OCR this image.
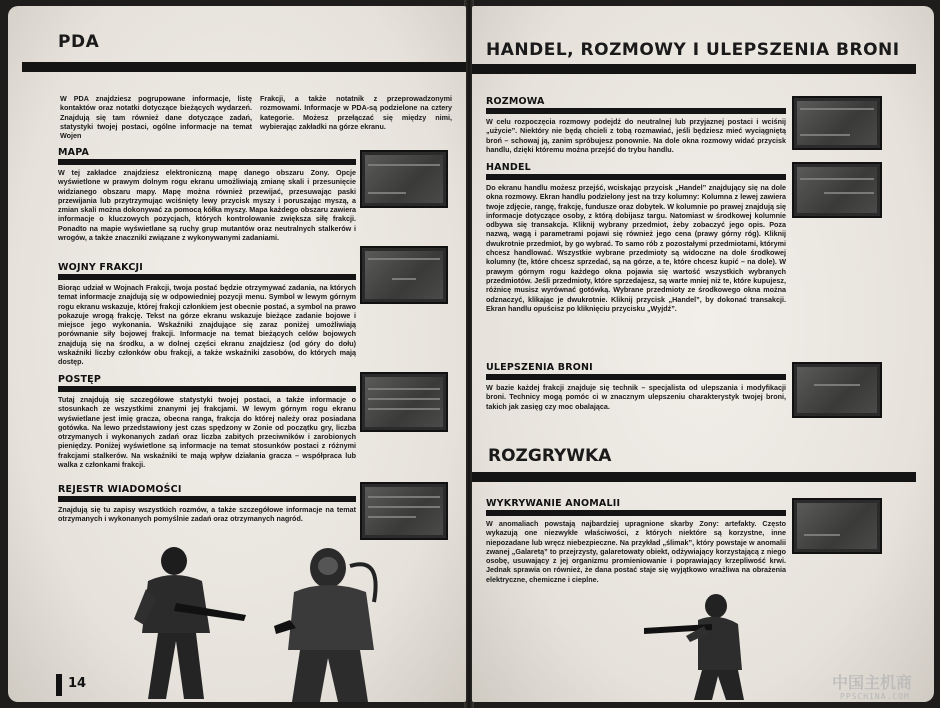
PDA
W PDA znajdziesz pogrupowane informacje, listę kontaktów oraz notatki dotyczące bieżących wydarzeń. Znajdują się tam również dane dotyczące zadań, statystyki twojej postaci, ogólne informacje na temat Wojen
Frakcji, a także notatnik z przeprowadzonymi rozmowami. Informacje w PDA-są podzielone na cztery kategorie. Możesz przełączać się między nimi, wybierając zakładki na górze ekranu.
MAPA
W tej zakładce znajdziesz elektroniczną mapę danego obszaru Zony. Opcje wyświetlone w prawym dolnym rogu ekranu umożliwiają zmianę skali i przesunięcie widzianego obszaru mapy. Mapę można również przewijać, przesuwając paski przewijania lub przytrzymując wciśnięty lewy przycisk myszy i poruszając myszą, a zmian skali można dokonywać za pomocą kółka myszy. Mapa każdego obszaru zawiera informacje o kluczowych pozycjach, których kontrolowanie zwiększa siłę frakcji. Ponadto na mapie wyświetlane są ruchy grup mutantów oraz neutralnych stalkerów i wrogów, a także znaczniki związane z wykonywanymi zadaniami.
WOJNY FRAKCJI
Biorąc udział w Wojnach Frakcji, twoja postać będzie otrzymywać zadania, na których temat informacje znajdują się w odpowiedniej pozycji menu. Symbol w lewym górnym rogu ekranu wskazuje, której frakcji członkiem jest obecnie postać, a symbol na prawo pokazuje wrogą frakcję. Tekst na górze ekranu wskazuje bieżące zadanie bojowe i miejsce jego wykonania. Wskaźniki znajdujące się zaraz poniżej umożliwiają porównanie siły bojowej frakcji. Informacje na temat bieżących celów bojowych znajdują się na środku, a w dolnej części ekranu znajdziesz (od góry do dołu) wskaźniki liczby członków obu frakcji, a także wskaźniki zasobów, do których mają dostęp.
POSTĘP
Tutaj znajdują się szczegółowe statystyki twojej postaci, a także informacje o stosunkach ze wszystkimi znanymi jej frakcjami. W lewym górnym rogu ekranu wyświetlane jest imię gracza, obecna ranga, frakcja do której należy oraz posiadana gotówka. Na lewo przedstawiony jest czas spędzony w Zonie od początku gry, liczba otrzymanych i wykonanych zadań oraz liczba zabitych przeciwników i zarobionych pieniędzy. Poniżej wyświetlone są informacje na temat stosunków postaci z różnymi frakcjami stalkerów. Na wskaźniki te mają wpływ działania gracza – współpraca lub walka z członkami frakcji.
REJESTR WIADOMOŚCI
Znajdują się tu zapisy wszystkich rozmów, a także szczegółowe informacje na temat otrzymanych i wykonanych pomyślnie zadań oraz otrzymanych nagród.
14
HANDEL, ROZMOWY I ULEPSZENIA BRONI
ROZMOWA
W celu rozpoczęcia rozmowy podejdź do neutralnej lub przyjaznej postaci i wciśnij „użycie”. Niektóry nie będą chcieli z tobą rozmawiać, jeśli będziesz mieć wyciągniętą broń – schowaj ją, zanim spróbujesz ponownie. Na dole okna rozmowy widać przycisk handlu, dzięki któremu można przejść do trybu handlu.
HANDEL
Do ekranu handlu możesz przejść, wciskając przycisk „Handel” znajdujący się na dole okna rozmowy. Ekran handlu podzielony jest na trzy kolumny: Kolumna z lewej zawiera twoje zdjęcie, rangę, frakcję, fundusze oraz dobytek. W kolumnie po prawej znajdują się informacje dotyczące osoby, z którą dobijasz targu. Natomiast w środkowej kolumnie odbywa się transakcja. Kliknij wybrany przedmiot, żeby zobaczyć jego opis. Poza nazwą, wagą i parametrami pojawi się również jego cena (prawy górny róg). Kliknij dwukrotnie przedmiot, by go wybrać. To samo rób z pozostałymi przedmiotami, którymi chcesz handlować. Wszystkie wybrane przedmioty są widoczne na dole środkowej kolumny (te, które chcesz sprzedać, są na górze, a te, które chcesz kupić – na dole). W prawym górnym rogu każdego okna pojawia się wartość wszystkich wybranych przedmiotów. Jeśli przedmioty, które sprzedajesz, są warte mniej niż te, które kupujesz, różnicę musisz wyrównać gotówką. Wybrane przedmioty ze środkowego okna można odznaczyć, klikając je dwukrotnie. Kliknij przycisk „Handel”, by dokonać transakcji. Ekran handlu opuścisz po kliknięciu przycisku „Wyjdź”.
ULEPSZENIA BRONI
W bazie każdej frakcji znajduje się technik – specjalista od ulepszania i modyfikacji broni. Technicy mogą pomóc ci w znacznym ulepszeniu charakterystyk twojej broni, takich jak zasięg czy moc obalająca.
ROZGRYWKA
WYKRYWANIE ANOMALII
W anomaliach powstają najbardziej upragnione skarby Zony: artefakty. Często wykazują one niezwykłe właściwości, z których niektóre są korzystne, inne niepozadane lub wręcz niebezpieczne. Na przykład „ślimak”, który powstaje w anomalii zwanej „Galaretą” to przejrzysty, galaretowaty obiekt, odżywiający korzystającą z niego osobę, usuwający z jej organizmu promieniowanie i poprawiający krzepliwość krwi. Jednak sprawia on również, że dana postać staje się wyjątkowo wrażliwa na obrażenia elektryczne, chemiczne i cieplne.
中国主机商
PPSCHINA.COM
